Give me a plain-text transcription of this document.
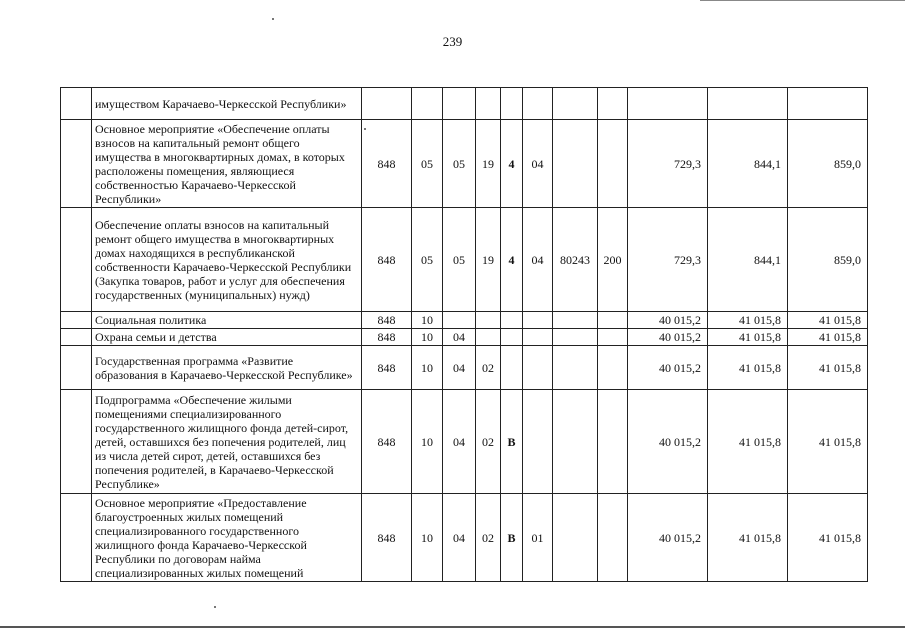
239
	имуществом Карачаево-Черкесской Республики»											
	Основное мероприятие «Обеспечение оплаты взносов на капитальный ремонт общего имущества в многоквартирных домах, в которых расположены помещения, являющиеся собственностью Карачаево-Черкесской Республики»	848	05	05	19	4	04			729,3	844,1	859,0
	Обеспечение оплаты взносов на капитальный ремонт общего имущества в многоквартирных домах находящихся в республиканской собственности Карачаево-Черкесской Республики (Закупка товаров, работ и услуг для обеспечения государственных (муниципальных) нужд)	848	05	05	19	4	04	80243	200	729,3	844,1	859,0
	Социальная политика	848	10							40 015,2	41 015,8	41 015,8
	Охрана семьи и детства	848	10	04						40 015,2	41 015,8	41 015,8
	Государственная программа «Развитие образования в Карачаево-Черкесской Республике»	848	10	04	02					40 015,2	41 015,8	41 015,8
	Подпрограмма «Обеспечение жилыми помещениями специализированного государственного жилищного фонда детей-сирот, детей, оставшихся без попечения родителей, лиц из числа детей сирот, детей, оставшихся без попечения родителей, в Карачаево-Черкесской Республике»	848	10	04	02	В				40 015,2	41 015,8	41 015,8
	Основное мероприятие «Предоставление благоустроенных жилых помещений специализированного государственного жилищного фонда Карачаево-Черкесской Республики по договорам найма специализированных жилых помещений	848	10	04	02	В	01			40 015,2	41 015,8	41 015,8
